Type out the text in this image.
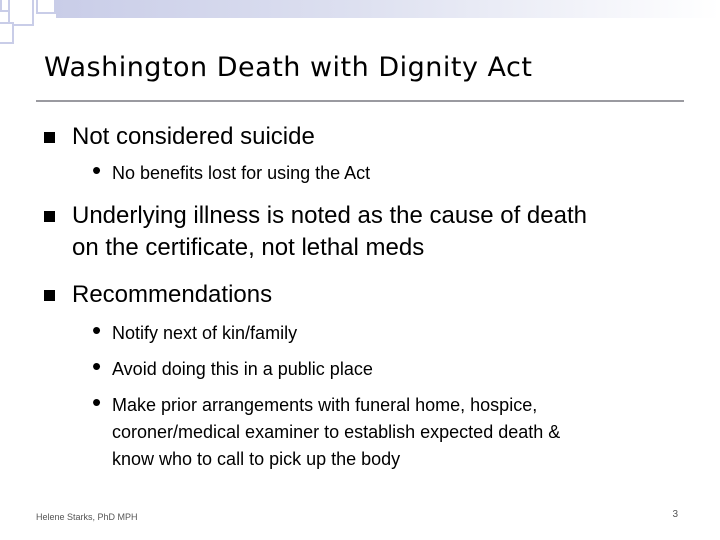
Washington Death with Dignity Act
Not considered suicide
• No benefits lost for using the Act
Underlying illness is noted as the cause of death
on the certificate, not lethal meds
Recommendations
• Notify next of kin/family
• Avoid doing this in a public place
• Make prior arrangements with funeral home, hospice,
coroner/medical examiner to establish expected death &
know who to call to pick up the body
Helene Starks, PhD MPH	3
